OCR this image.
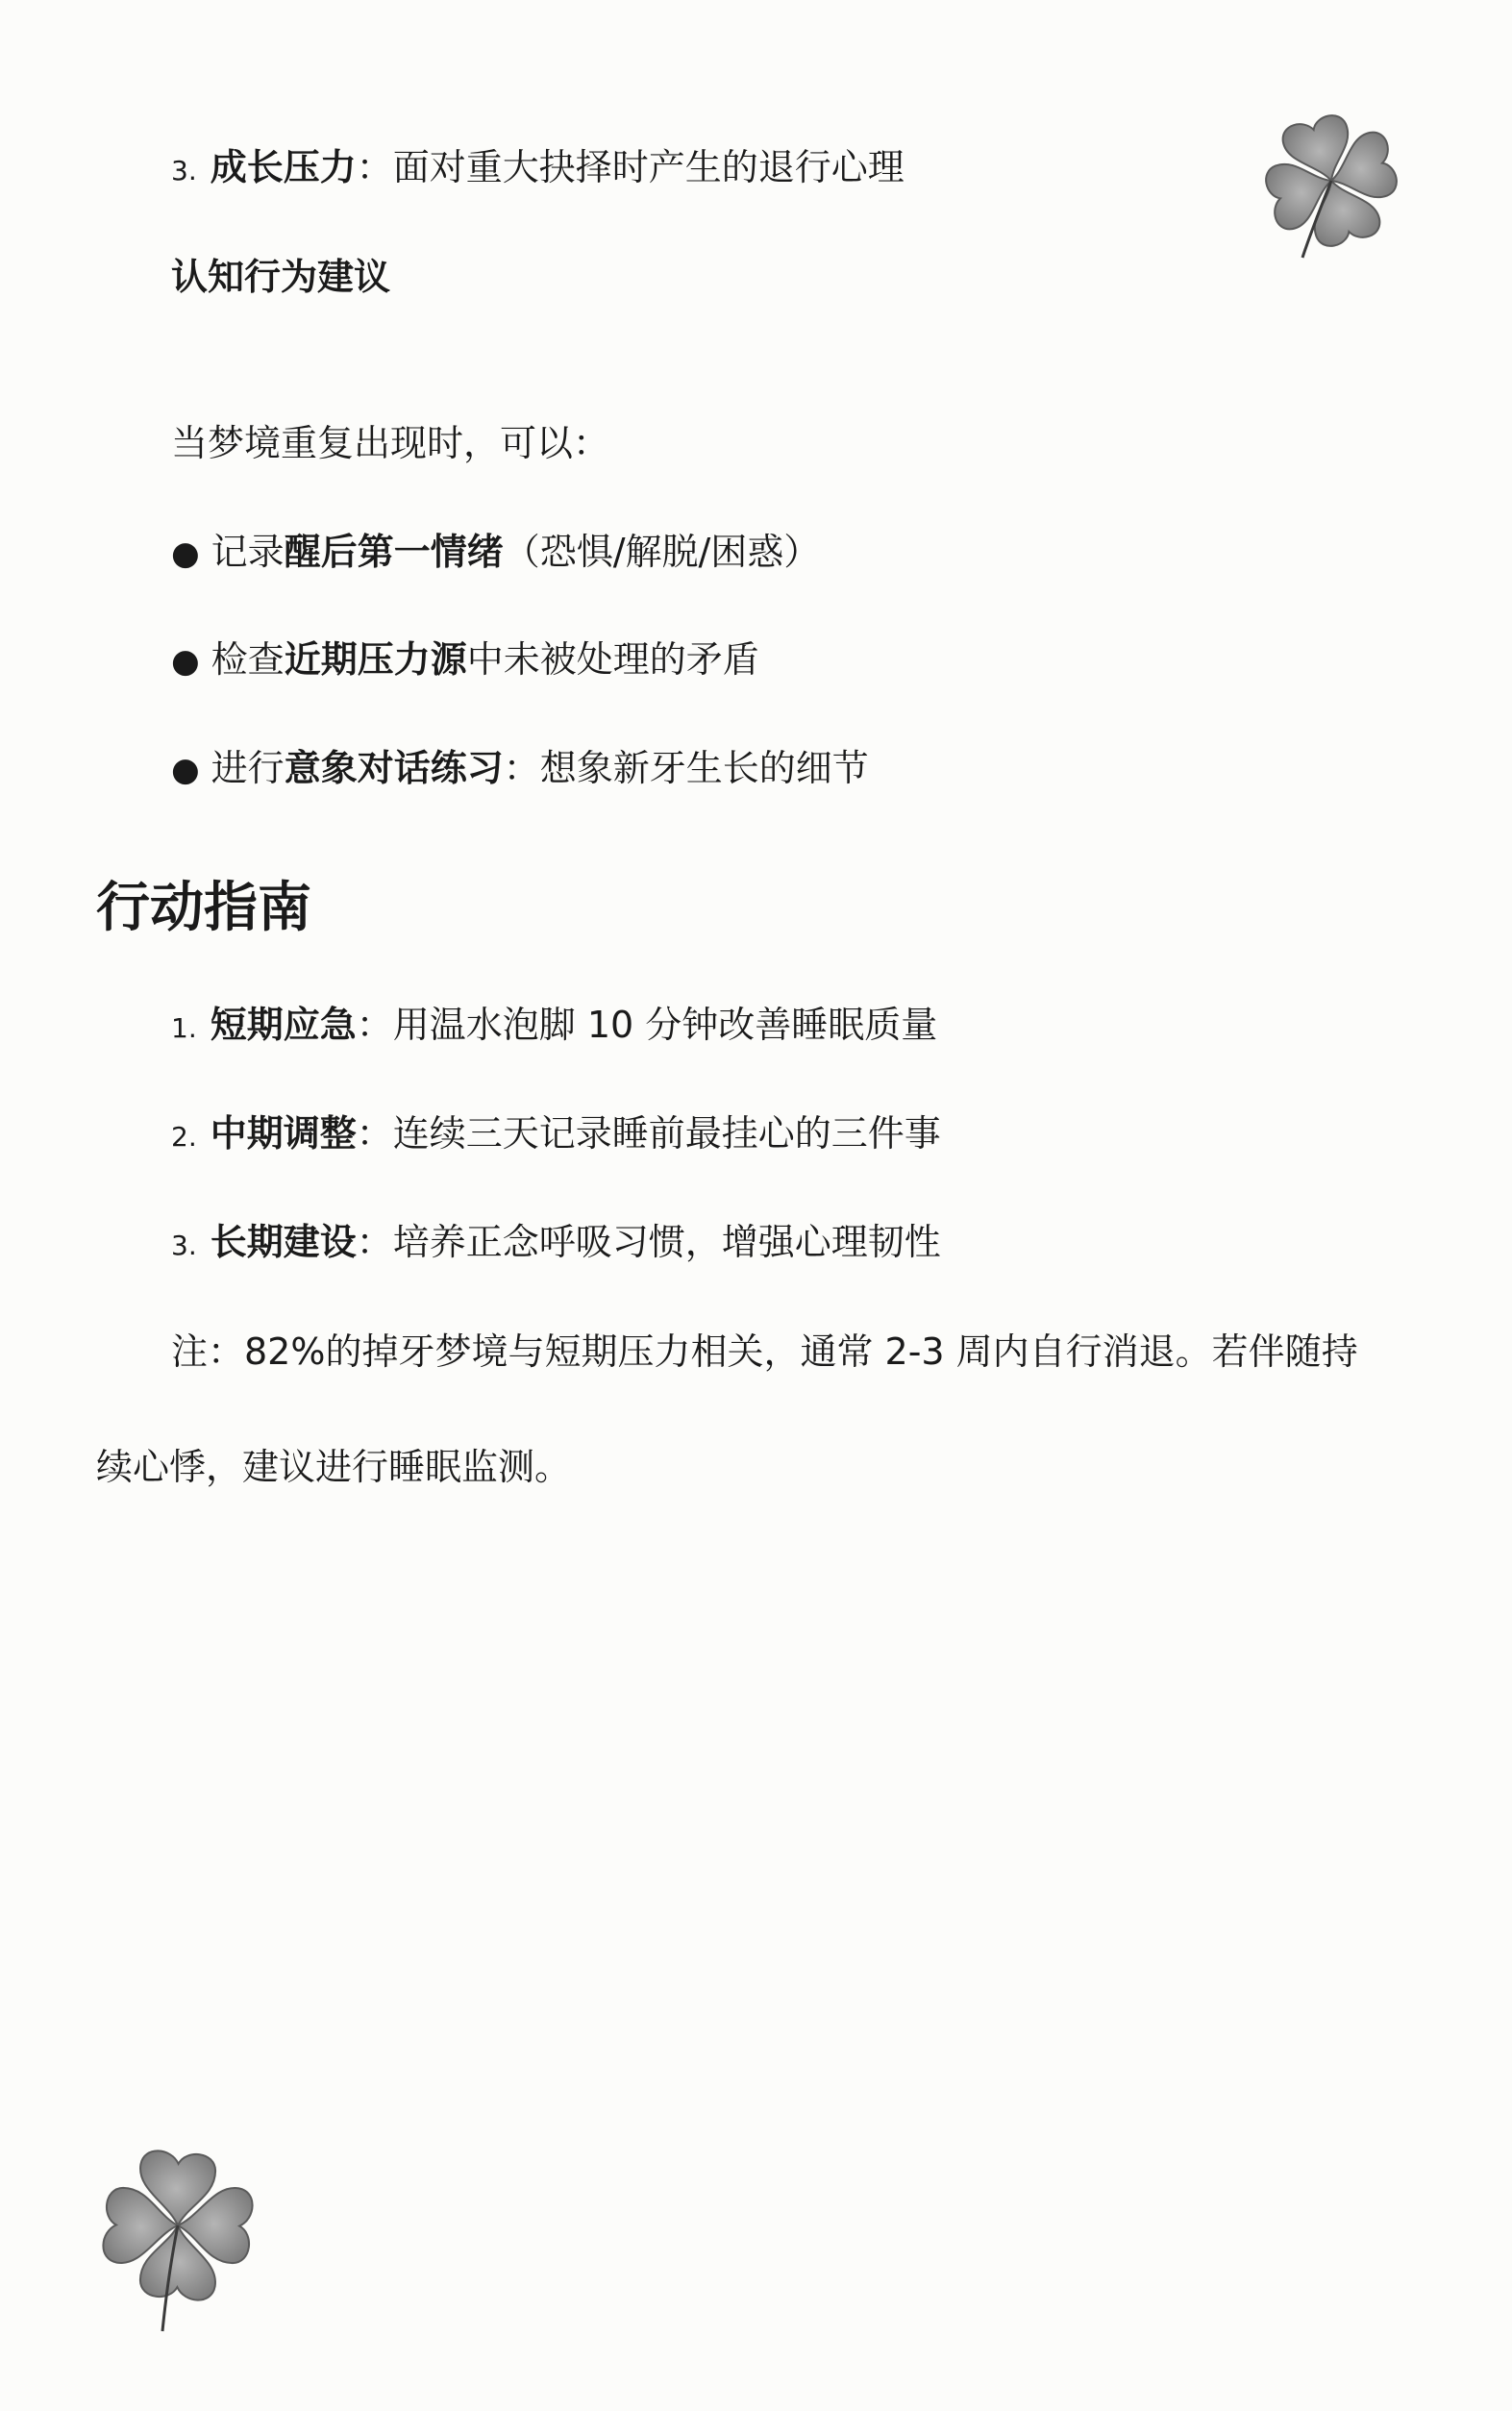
3. 成长压力：面对重大抉择时产生的退行心理
认知行为建议
当梦境重复出现时，可以：
● 记录醒后第一情绪（恐惧/解脱/困惑）
● 检查近期压力源中未被处理的矛盾
● 进行意象对话练习：想象新牙生长的细节
行动指南
1. 短期应急：用温水泡脚 10 分钟改善睡眠质量
2. 中期调整：连续三天记录睡前最挂心的三件事
3. 长期建设：培养正念呼吸习惯，增强心理韧性
注：82%的掉牙梦境与短期压力相关，通常 2-3 周内自行消退。若伴随持
续心悸，建议进行睡眠监测。
